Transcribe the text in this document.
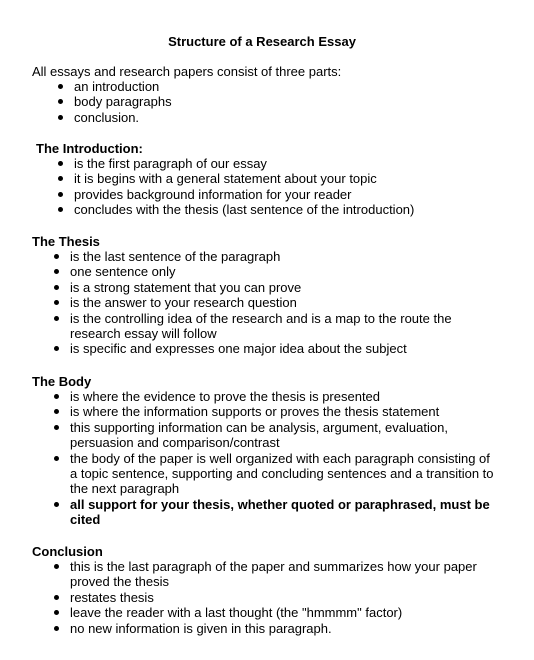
Structure of a Research Essay
All essays and research papers consist of three parts:
an introduction
body paragraphs
conclusion.
The Introduction:
is the first paragraph of our essay
it is begins with a general statement about your topic
provides background information for your reader
concludes with the thesis (last sentence of the introduction)
The Thesis
is the last sentence of the paragraph
one sentence only
is a strong statement that you can prove
is the answer to your research question
is the controlling idea of the research and is a map to the route the research essay will follow
is specific and expresses one major idea about the subject
The Body
is where the evidence to prove the thesis is presented
is where the information supports or proves the thesis statement
this supporting information can be analysis, argument, evaluation, persuasion and comparison/contrast
the body of the paper is well organized with each paragraph consisting of a topic sentence, supporting and concluding sentences and a transition to the next paragraph
all support for your thesis, whether quoted or paraphrased, must be cited
Conclusion
this is the last paragraph of the paper and summarizes how your paper proved the thesis
restates thesis
leave the reader with a last thought (the "hmmmm" factor)
no new information is given in this paragraph.
